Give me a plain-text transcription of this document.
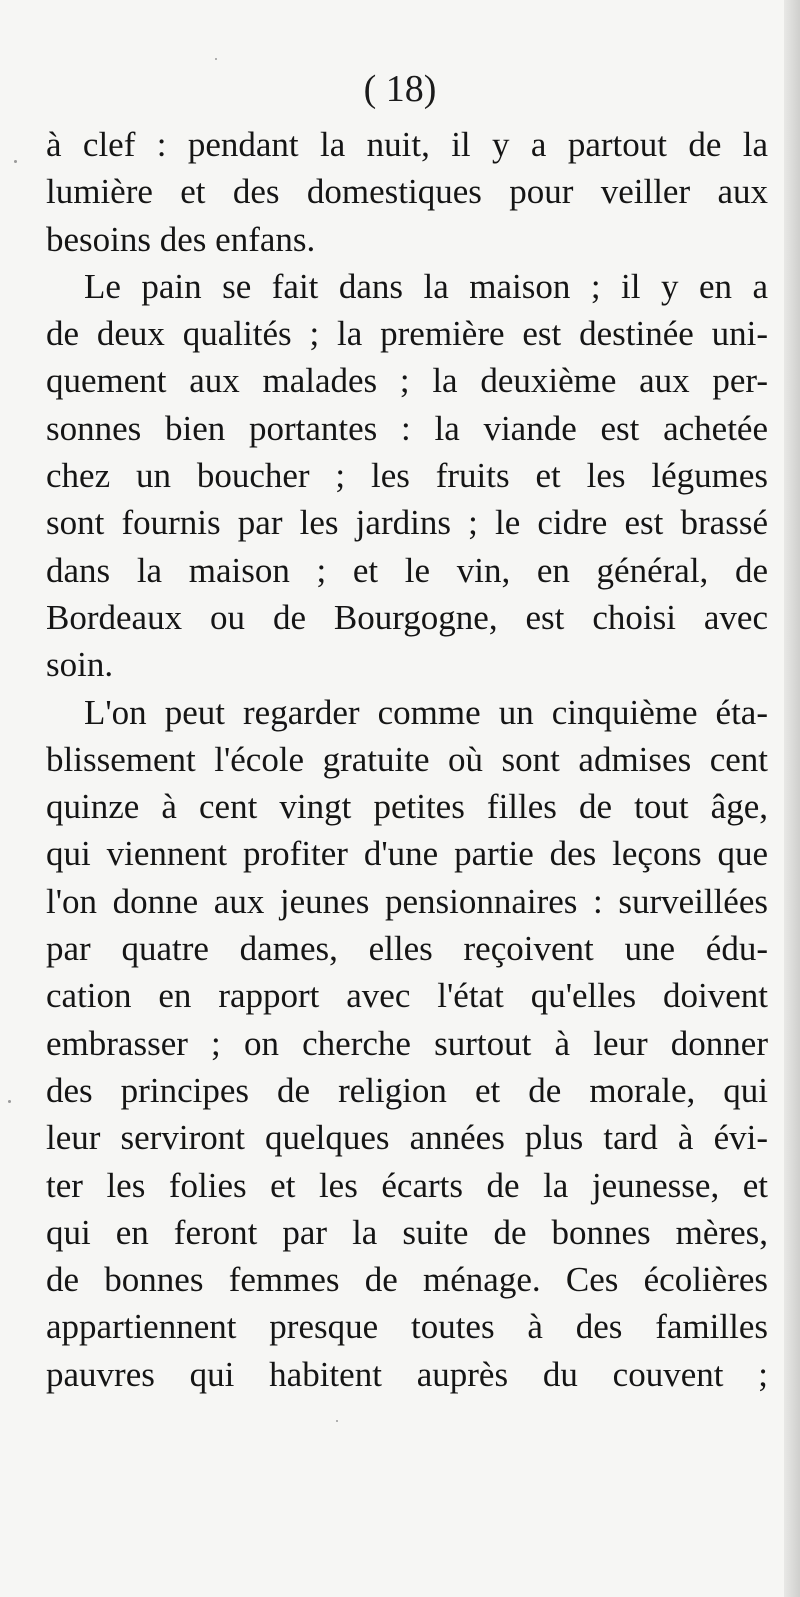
( 18)
à clef : pendant la nuit, il y a partout de la
lumière et des domestiques pour veiller aux
besoins des enfans.
Le pain se fait dans la maison ; il y en a
de deux qualités ; la première est destinée uni-
quement aux malades ; la deuxième aux per-
sonnes bien portantes : la viande est achetée
chez un boucher ; les fruits et les légumes
sont fournis par les jardins ; le cidre est brassé
dans la maison ; et le vin, en général, de
Bordeaux ou de Bourgogne, est choisi avec
soin.
L'on peut regarder comme un cinquième éta-
blissement l'école gratuite où sont admises cent
quinze à cent vingt petites filles de tout âge,
qui viennent profiter d'une partie des leçons que
l'on donne aux jeunes pensionnaires : surveillées
par quatre dames, elles reçoivent une édu-
cation en rapport avec l'état qu'elles doivent
embrasser ; on cherche surtout à leur donner
des principes de religion et de morale, qui
leur serviront quelques années plus tard à évi-
ter les folies et les écarts de la jeunesse, et
qui en feront par la suite de bonnes mères,
de bonnes femmes de ménage. Ces écolières
appartiennent presque toutes à des familles
pauvres qui habitent auprès du couvent ;
